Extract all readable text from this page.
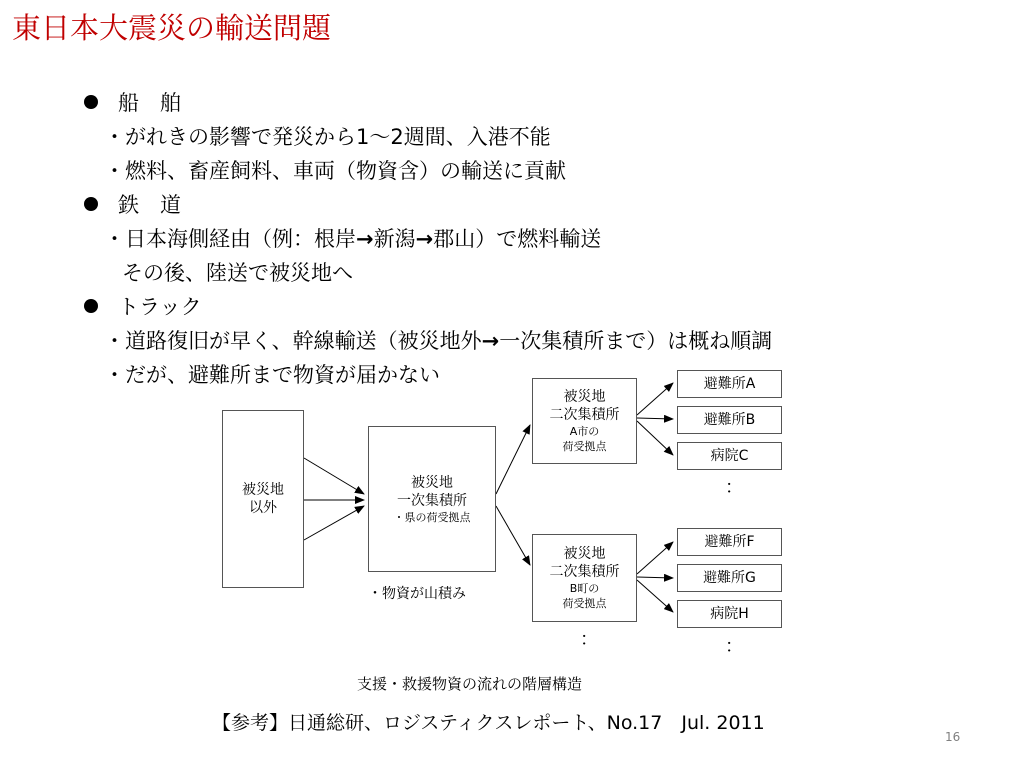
東日本大震災の輸送問題
船　舶
・がれきの影響で発災から1～2週間、入港不能
・燃料、畜産飼料、車両（物資含）の輸送に貢献
鉄　道
・日本海側経由（例：根岸→新潟→郡山）で燃料輸送
その後、陸送で被災地へ
トラック
・道路復旧が早く、幹線輸送（被災地外→一次集積所まで）は概ね順調
・だが、避難所まで物資が届かない
被災地
以外
被災地
一次集積所
・県の荷受拠点
・物資が山積み
被災地
二次集積所
A市の
荷受拠点
被災地
二次集積所
B町の
荷受拠点
：
避難所A
避難所B
病院C
：
避難所F
避難所G
病院H
：
支援・救援物資の流れの階層構造
【参考】日通総研、ロジスティクスレポート、No.17　Jul. 2011
16
